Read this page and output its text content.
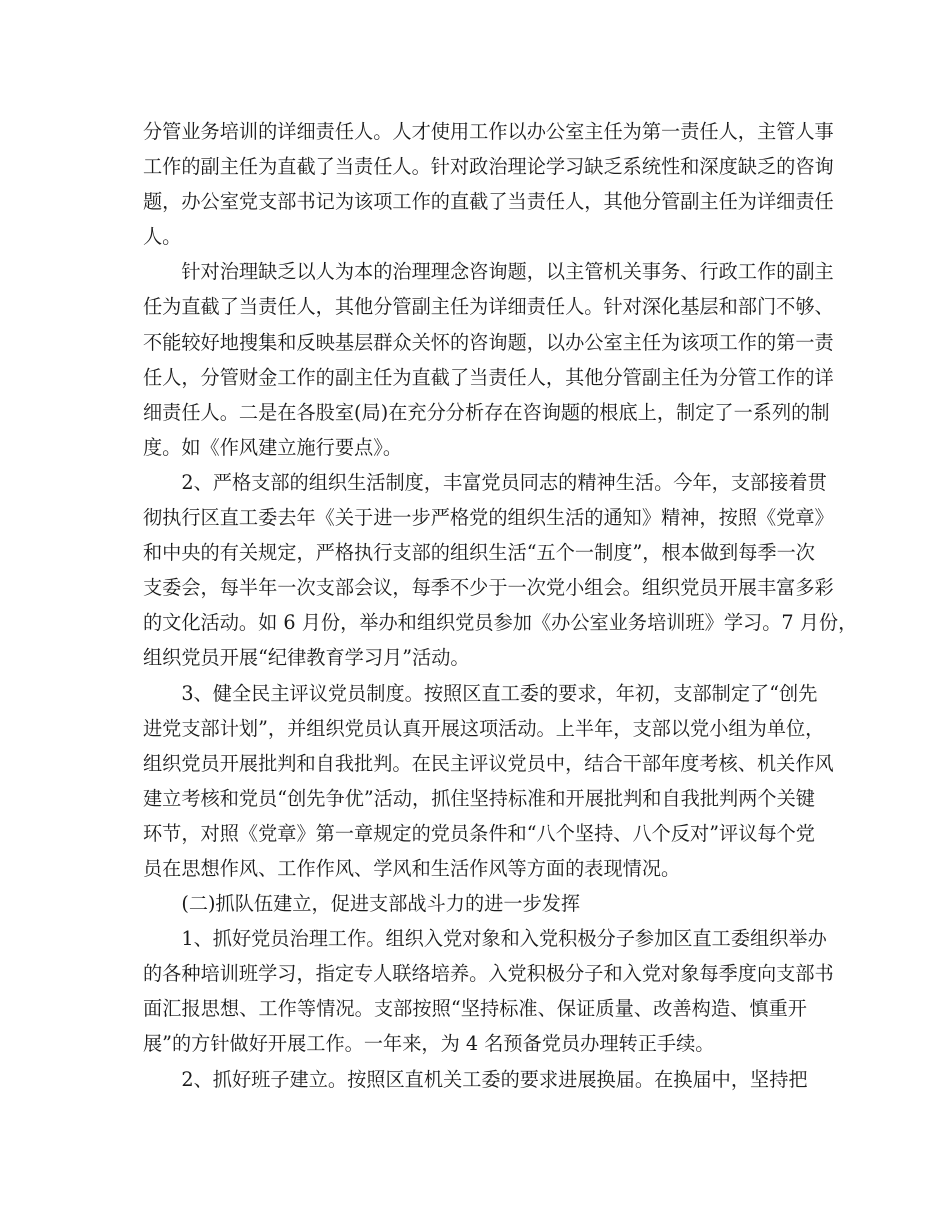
分管业务培训的详细责任人。人才使用工作以办公室主任为第一责任人，主管人事
工作的副主任为直截了当责任人。针对政治理论学习缺乏系统性和深度缺乏的咨询
题，办公室党支部书记为该项工作的直截了当责任人，其他分管副主任为详细责任
人。
　　针对治理缺乏以人为本的治理理念咨询题，以主管机关事务、行政工作的副主
任为直截了当责任人，其他分管副主任为详细责任人。针对深化基层和部门不够、
不能较好地搜集和反映基层群众关怀的咨询题，以办公室主任为该项工作的第一责
任人，分管财金工作的副主任为直截了当责任人，其他分管副主任为分管工作的详
细责任人。二是在各股室(局)在充分分析存在咨询题的根底上，制定了一系列的制
度。如《作风建立施行要点》。
　　2、严格支部的组织生活制度，丰富党员同志的精神生活。今年，支部接着贯
彻执行区直工委去年《关于进一步严格党的组织生活的通知》精神，按照《党章》
和中央的有关规定，严格执行支部的组织生活“五个一制度”，根本做到每季一次
支委会，每半年一次支部会议，每季不少于一次党小组会。组织党员开展丰富多彩
的文化活动。如 6 月份，举办和组织党员参加《办公室业务培训班》学习。7 月份，
组织党员开展“纪律教育学习月”活动。
　　3、健全民主评议党员制度。按照区直工委的要求，年初，支部制定了“创先
进党支部计划”，并组织党员认真开展这项活动。上半年，支部以党小组为单位，
组织党员开展批判和自我批判。在民主评议党员中，结合干部年度考核、机关作风
建立考核和党员“创先争优”活动，抓住坚持标准和开展批判和自我批判两个关键
环节，对照《党章》第一章规定的党员条件和“八个坚持、八个反对”评议每个党
员在思想作风、工作作风、学风和生活作风等方面的表现情况。
　　(二)抓队伍建立，促进支部战斗力的进一步发挥
　　1、抓好党员治理工作。组织入党对象和入党积极分子参加区直工委组织举办
的各种培训班学习，指定专人联络培养。入党积极分子和入党对象每季度向支部书
面汇报思想、工作等情况。支部按照“坚持标准、保证质量、改善构造、慎重开
展”的方针做好开展工作。一年来，为 4 名预备党员办理转正手续。
　　2、抓好班子建立。按照区直机关工委的要求进展换届。在换届中，坚持把
